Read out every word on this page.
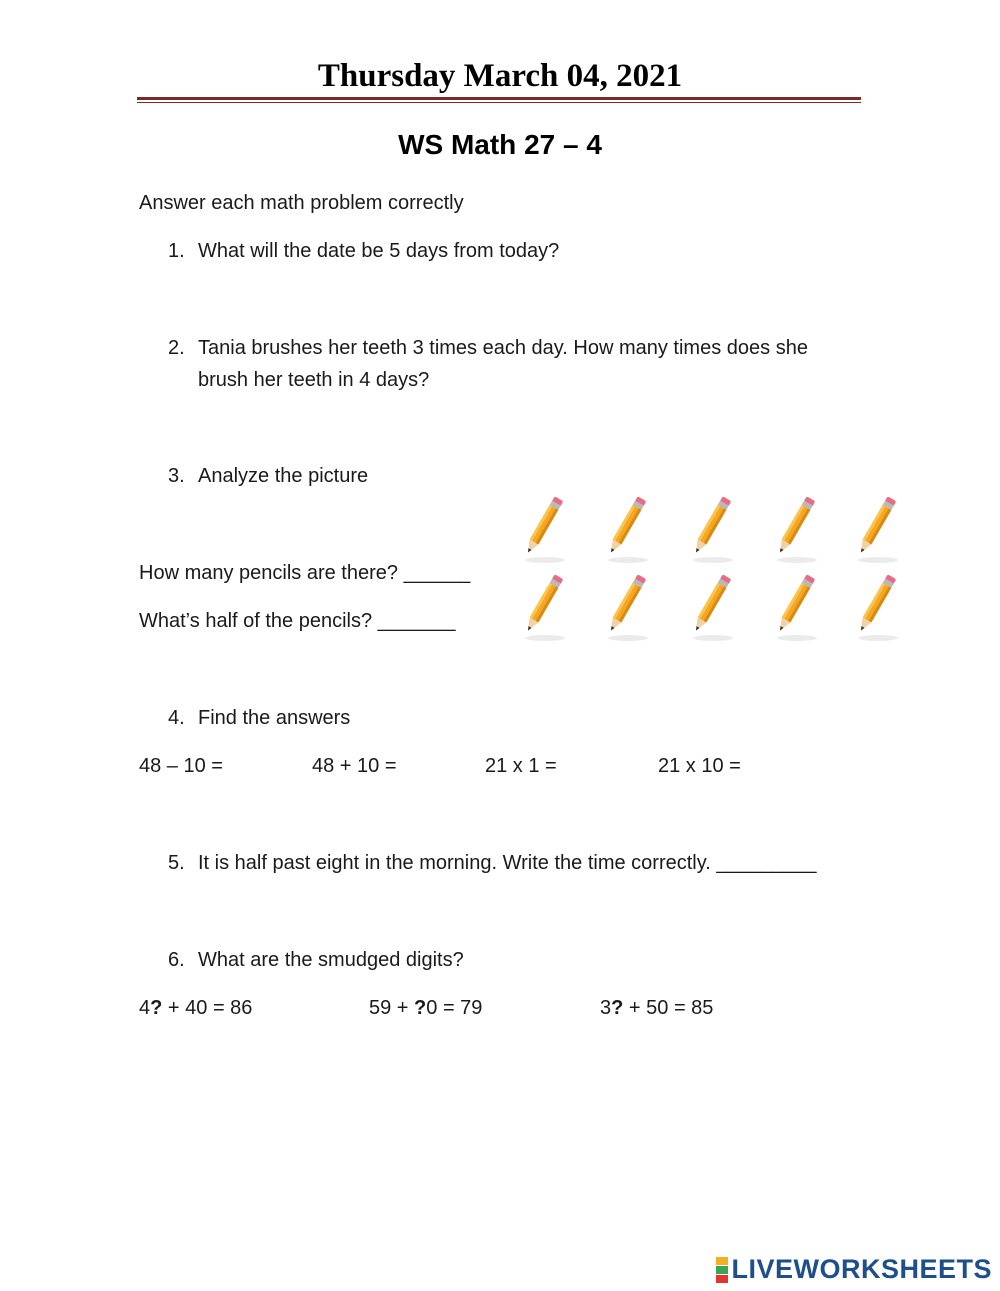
Thursday March 04, 2021
WS Math 27 – 4
Answer each math problem correctly
1. What will the date be 5 days from today?
2. Tania brushes her teeth 3 times each day. How many times does she
brush her teeth in 4 days?
3. Analyze the picture
How many pencils are there? ______
What’s half of the pencils? _______
4. Find the answers
48 – 10 =	48 + 10 =	21 x 1 =	21 x 10 =
5. It is half past eight in the morning. Write the time correctly. _________
6. What are the smudged digits?
4? + 40 = 86	59 + ?0 = 79	3? + 50 = 85
LIVEWORKSHEETS
